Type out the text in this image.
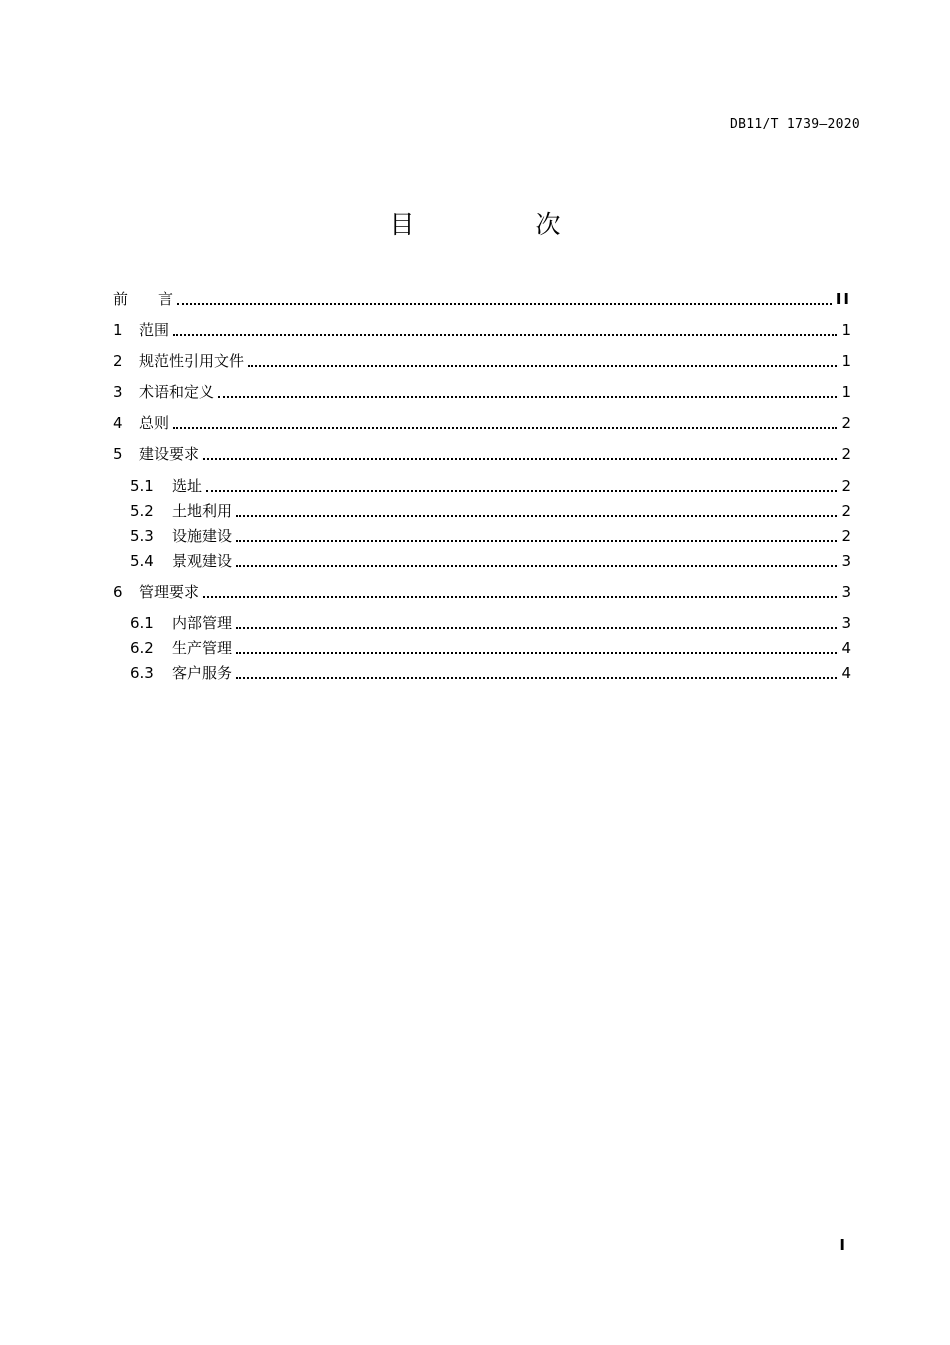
DB11/T 1739—2020
目　次
前　　言	II
1	范围	1
2	规范性引用文件	1
3	术语和定义	1
4	总则	2
5	建设要求	2
5.1	选址	2
5.2	土地利用	2
5.3	设施建设	2
5.4	景观建设	3
6	管理要求	3
6.1	内部管理	3
6.2	生产管理	4
6.3	客户服务	4
I
